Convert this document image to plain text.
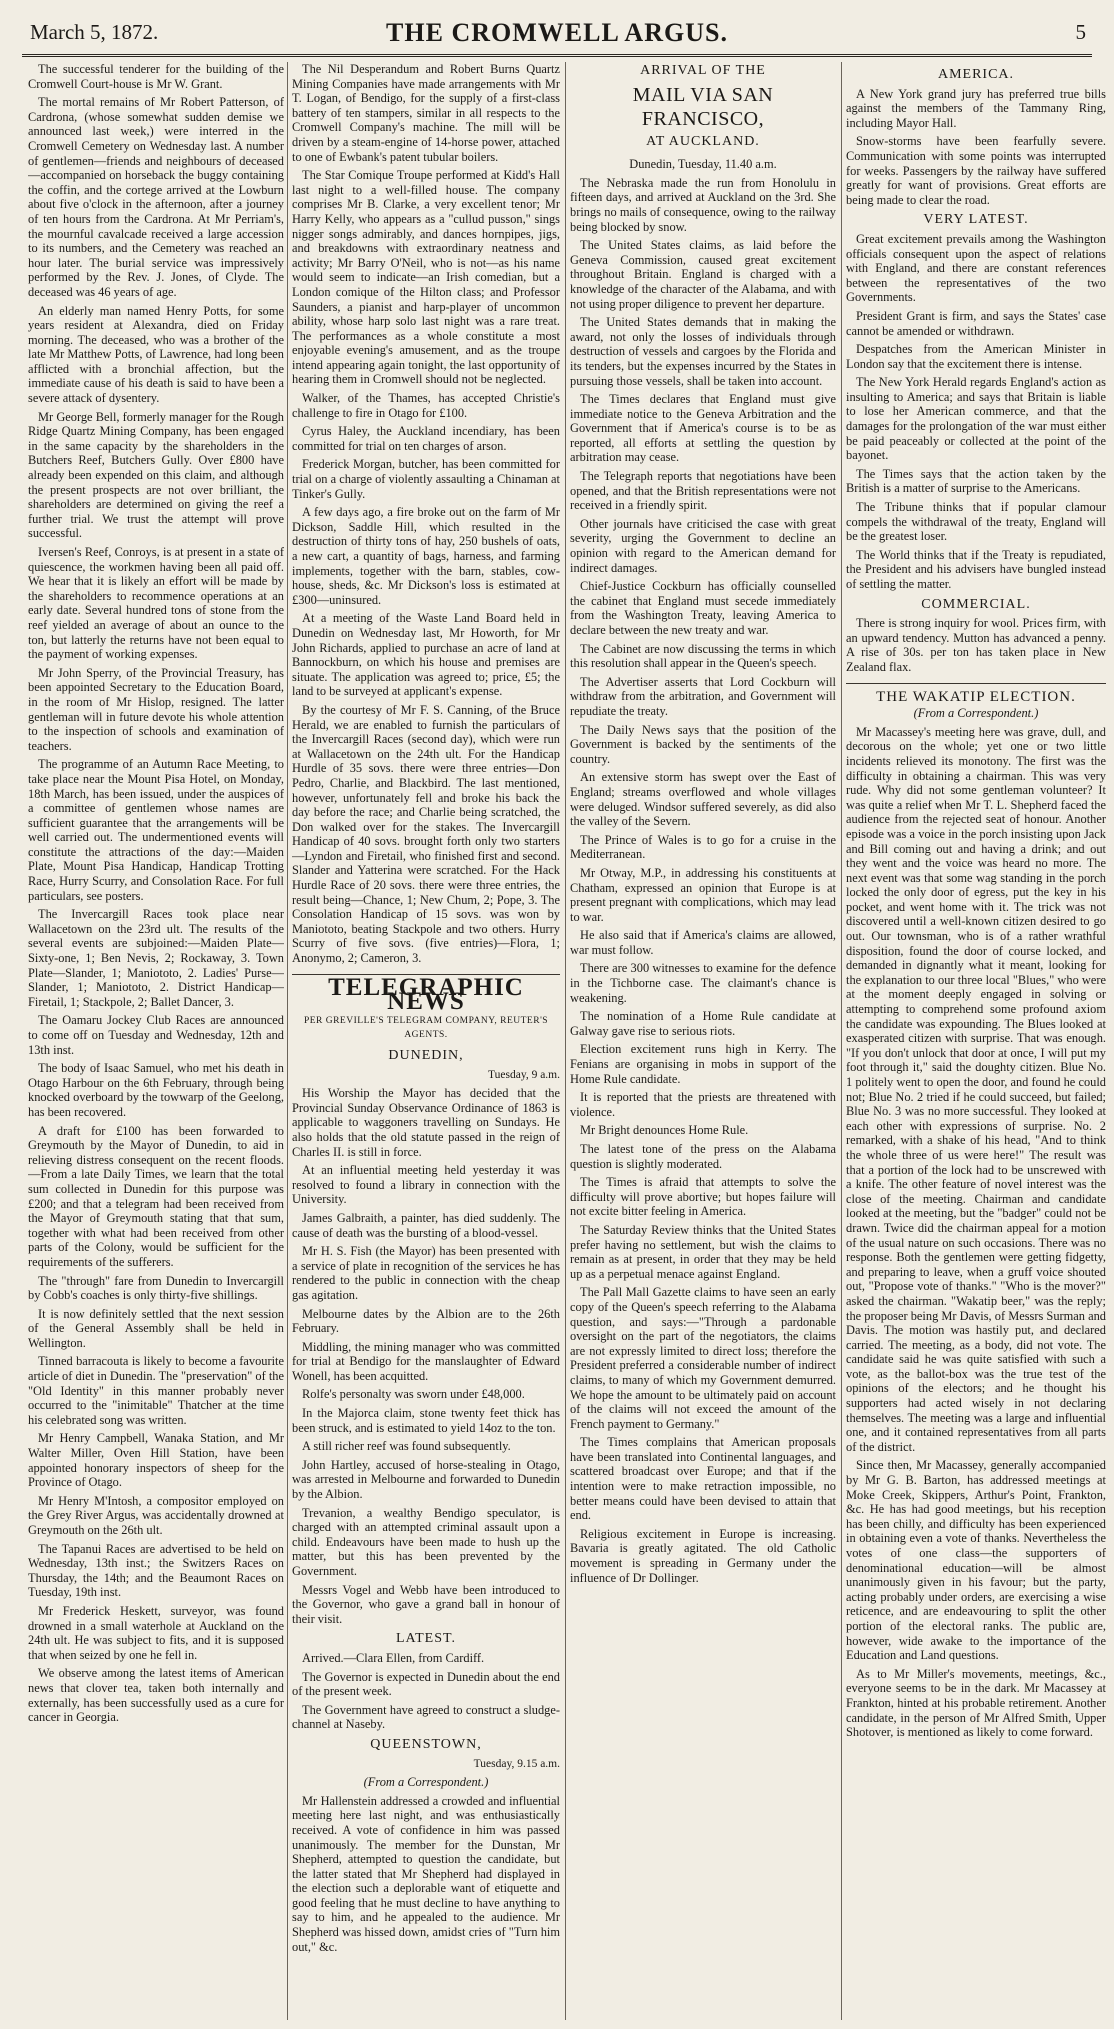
March 5, 1872.	THE CROMWELL ARGUS.	5

The successful tenderer for the building of the Cromwell Court-house is Mr W. Grant.

The mortal remains of Mr Robert Patterson, of Cardrona, (whose somewhat sudden demise we announced last week,) were interred in the Cromwell Cemetery on Wednesday last. A number of gentlemen—friends and neighbours of deceased—accompanied on horseback the buggy containing the coffin, and the cortege arrived at the Lowburn about five o'clock in the afternoon, after a journey of ten hours from the Cardrona. At Mr Perriam's, the mournful cavalcade received a large accession to its numbers, and the Cemetery was reached an hour later. The burial service was impressively performed by the Rev. J. Jones, of Clyde. The deceased was 46 years of age.

An elderly man named Henry Potts, for some years resident at Alexandra, died on Friday morning. The deceased, who was a brother of the late Mr Matthew Potts, of Lawrence, had long been afflicted with a bronchial affection, but the immediate cause of his death is said to have been a severe attack of dysentery.

Mr George Bell, formerly manager for the Rough Ridge Quartz Mining Company, has been engaged in the same capacity by the shareholders in the Butchers Reef, Butchers Gully. Over £800 have already been expended on this claim, and although the present prospects are not over brilliant, the shareholders are determined on giving the reef a further trial. We trust the attempt will prove successful.

Iversen's Reef, Conroys, is at present in a state of quiescence, the workmen having been all paid off. We hear that it is likely an effort will be made by the shareholders to recommence operations at an early date. Several hundred tons of stone from the reef yielded an average of about an ounce to the ton, but latterly the returns have not been equal to the payment of working expenses.

Mr John Sperry, of the Provincial Treasury, has been appointed Secretary to the Education Board, in the room of Mr Hislop, resigned. The latter gentleman will in future devote his whole attention to the inspection of schools and examination of teachers.

The programme of an Autumn Race Meeting, to take place near the Mount Pisa Hotel, on Monday, 18th March, has been issued, under the auspices of a committee of gentlemen whose names are sufficient guarantee that the arrangements will be well carried out. The undermentioned events will constitute the attractions of the day:—Maiden Plate, Mount Pisa Handicap, Handicap Trotting Race, Hurry Scurry, and Consolation Race. For full particulars, see posters.

The Invercargill Races took place near Wallacetown on the 23rd ult. The results of the several events are subjoined:—Maiden Plate—Sixty-one, 1; Ben Nevis, 2; Rockaway, 3. Town Plate—Slander, 1; Maniototo, 2. Ladies' Purse—Slander, 1; Maniototo, 2. District Handicap—Firetail, 1; Stackpole, 2; Ballet Dancer, 3.

The Oamaru Jockey Club Races are announced to come off on Tuesday and Wednesday, 12th and 13th inst.

The body of Isaac Samuel, who met his death in Otago Harbour on the 6th February, through being knocked overboard by the towwarp of the Geelong, has been recovered.

A draft for £100 has been forwarded to Greymouth by the Mayor of Dunedin, to aid in relieving distress consequent on the recent floods. —From a late Daily Times, we learn that the total sum collected in Dunedin for this purpose was £200; and that a telegram had been received from the Mayor of Greymouth stating that that sum, together with what had been received from other parts of the Colony, would be sufficient for the requirements of the sufferers.

The "through" fare from Dunedin to Invercargill by Cobb's coaches is only thirty-five shillings.

It is now definitely settled that the next session of the General Assembly shall be held in Wellington.

Tinned barracouta is likely to become a favourite article of diet in Dunedin. The "preservation" of the "Old Identity" in this manner probably never occurred to the "inimitable" Thatcher at the time his celebrated song was written.

Mr Henry Campbell, Wanaka Station, and Mr Walter Miller, Oven Hill Station, have been appointed honorary inspectors of sheep for the Province of Otago.

Mr Henry M'Intosh, a compositor employed on the Grey River Argus, was accidentally drowned at Greymouth on the 26th ult.

The Tapanui Races are advertised to be held on Wednesday, 13th inst.; the Switzers Races on Thursday, the 14th; and the Beaumont Races on Tuesday, 19th inst.

Mr Frederick Heskett, surveyor, was found drowned in a small waterhole at Auckland on the 24th ult. He was subject to fits, and it is supposed that when seized by one he fell in.

We observe among the latest items of American news that clover tea, taken both internally and externally, has been successfully used as a cure for cancer in Georgia.

The Nil Desperandum and Robert Burns Quartz Mining Companies have made arrangements with Mr T. Logan, of Bendigo, for the supply of a first-class battery of ten stampers, similar in all respects to the Cromwell Company's machine. The mill will be driven by a steam-engine of 14-horse power, attached to one of Ewbank's patent tubular boilers.

The Star Comique Troupe performed at Kidd's Hall last night to a well-filled house. The company comprises Mr B. Clarke, a very excellent tenor; Mr Harry Kelly, who appears as a "cullud pusson," sings nigger songs admirably, and dances hornpipes, jigs, and breakdowns with extraordinary neatness and activity; Mr Barry O'Neil, who is not—as his name would seem to indicate—an Irish comedian, but a London comique of the Hilton class; and Professor Saunders, a pianist and harp-player of uncommon ability, whose harp solo last night was a rare treat. The performances as a whole constitute a most enjoyable evening's amusement, and as the troupe intend appearing again tonight, the last opportunity of hearing them in Cromwell should not be neglected.

Walker, of the Thames, has accepted Christie's challenge to fire in Otago for £100.

Cyrus Haley, the Auckland incendiary, has been committed for trial on ten charges of arson.

Frederick Morgan, butcher, has been committed for trial on a charge of violently assaulting a Chinaman at Tinker's Gully.

A few days ago, a fire broke out on the farm of Mr Dickson, Saddle Hill, which resulted in the destruction of thirty tons of hay, 250 bushels of oats, a new cart, a quantity of bags, harness, and farming implements, together with the barn, stables, cow-house, sheds, &c. Mr Dickson's loss is estimated at £300—uninsured.

At a meeting of the Waste Land Board held in Dunedin on Wednesday last, Mr Howorth, for Mr John Richards, applied to purchase an acre of land at Bannockburn, on which his house and premises are situate. The application was agreed to; price, £5; the land to be surveyed at applicant's expense.

By the courtesy of Mr F. S. Canning, of the Bruce Herald, we are enabled to furnish the particulars of the Invercargill Races (second day), which were run at Wallacetown on the 24th ult. For the Handicap Hurdle of 35 sovs. there were three entries—Don Pedro, Charlie, and Blackbird. The last mentioned, however, unfortunately fell and broke his back the day before the race; and Charlie being scratched, the Don walked over for the stakes. The Invercargill Handicap of 40 sovs. brought forth only two starters—Lyndon and Firetail, who finished first and second. Slander and Yatterina were scratched. For the Hack Hurdle Race of 20 sovs. there were three entries, the result being—Chance, 1; New Chum, 2; Pope, 3. The Consolation Handicap of 15 sovs. was won by Maniototo, beating Stackpole and two others. Hurry Scurry of five sovs. (five entries)—Flora, 1; Anonymo, 2; Cameron, 3.

TELEGRAPHIC NEWS
PER GREVILLE'S TELEGRAM COMPANY, REUTER'S AGENTS.
DUNEDIN,
Tuesday, 9 a.m.

His Worship the Mayor has decided that the Provincial Sunday Observance Ordinance of 1863 is applicable to waggoners travelling on Sundays. He also holds that the old statute passed in the reign of Charles II. is still in force.

At an influential meeting held yesterday it was resolved to found a library in connection with the University.

James Galbraith, a painter, has died suddenly. The cause of death was the bursting of a blood-vessel.

Mr H. S. Fish (the Mayor) has been presented with a service of plate in recognition of the services he has rendered to the public in connection with the cheap gas agitation.

Melbourne dates by the Albion are to the 26th February.

Middling, the mining manager who was committed for trial at Bendigo for the manslaughter of Edward Wonell, has been acquitted.

Rolfe's personalty was sworn under £48,000.

In the Majorca claim, stone twenty feet thick has been struck, and is estimated to yield 14oz to the ton.

A still richer reef was found subsequently.

John Hartley, accused of horse-stealing in Otago, was arrested in Melbourne and forwarded to Dunedin by the Albion.

Trevanion, a wealthy Bendigo speculator, is charged with an attempted criminal assault upon a child. Endeavours have been made to hush up the matter, but this has been prevented by the Government.

Messrs Vogel and Webb have been introduced to the Governor, who gave a grand ball in honour of their visit.

LATEST.

Arrived.—Clara Ellen, from Cardiff.

The Governor is expected in Dunedin about the end of the present week.

The Government have agreed to construct a sludge-channel at Naseby.

QUEENSTOWN,
Tuesday, 9.15 a.m.
(From a Correspondent.)

Mr Hallenstein addressed a crowded and influential meeting here last night, and was enthusiastically received. A vote of confidence in him was passed unanimously. The member for the Dunstan, Mr Shepherd, attempted to question the candidate, but the latter stated that Mr Shepherd had displayed in the election such a deplorable want of etiquette and good feeling that he must decline to have anything to say to him, and he appealed to the audience. Mr Shepherd was hissed down, amidst cries of "Turn him out," &c.

ARRIVAL OF THE
MAIL VIA SAN FRANCISCO,
AT AUCKLAND.
Dunedin, Tuesday, 11.40 a.m.

The Nebraska made the run from Honolulu in fifteen days, and arrived at Auckland on the 3rd. She brings no mails of consequence, owing to the railway being blocked by snow.

The United States claims, as laid before the Geneva Commission, caused great excitement throughout Britain. England is charged with a knowledge of the character of the Alabama, and with not using proper diligence to prevent her departure.

The United States demands that in making the award, not only the losses of individuals through destruction of vessels and cargoes by the Florida and its tenders, but the expenses incurred by the States in pursuing those vessels, shall be taken into account.

The Times declares that England must give immediate notice to the Geneva Arbitration and the Government that if America's course is to be as reported, all efforts at settling the question by arbitration may cease.

The Telegraph reports that negotiations have been opened, and that the British representations were not received in a friendly spirit.

Other journals have criticised the case with great severity, urging the Government to decline an opinion with regard to the American demand for indirect damages.

Chief-Justice Cockburn has officially counselled the cabinet that England must secede immediately from the Washington Treaty, leaving America to declare between the new treaty and war.

The Cabinet are now discussing the terms in which this resolution shall appear in the Queen's speech.

The Advertiser asserts that Lord Cockburn will withdraw from the arbitration, and Government will repudiate the treaty.

The Daily News says that the position of the Government is backed by the sentiments of the country.

An extensive storm has swept over the East of England; streams overflowed and whole villages were deluged. Windsor suffered severely, as did also the valley of the Severn.

The Prince of Wales is to go for a cruise in the Mediterranean.

Mr Otway, M.P., in addressing his constituents at Chatham, expressed an opinion that Europe is at present pregnant with complications, which may lead to war.

He also said that if America's claims are allowed, war must follow.

There are 300 witnesses to examine for the defence in the Tichborne case. The claimant's chance is weakening.

The nomination of a Home Rule candidate at Galway gave rise to serious riots.

Election excitement runs high in Kerry. The Fenians are organising in mobs in support of the Home Rule candidate.

It is reported that the priests are threatened with violence.

Mr Bright denounces Home Rule.

The latest tone of the press on the Alabama question is slightly moderated.

The Times is afraid that attempts to solve the difficulty will prove abortive; but hopes failure will not excite bitter feeling in America.

The Saturday Review thinks that the United States prefer having no settlement, but wish the claims to remain as at present, in order that they may be held up as a perpetual menace against England.

The Pall Mall Gazette claims to have seen an early copy of the Queen's speech referring to the Alabama question, and says:—"Through a pardonable oversight on the part of the negotiators, the claims are not expressly limited to direct loss; therefore the President preferred a considerable number of indirect claims, to many of which my Government demurred. We hope the amount to be ultimately paid on account of the claims will not exceed the amount of the French payment to Germany."

The Times complains that American proposals have been translated into Continental languages, and scattered broadcast over Europe; and that if the intention were to make retraction impossible, no better means could have been devised to attain that end.

Religious excitement in Europe is increasing. Bavaria is greatly agitated. The old Catholic movement is spreading in Germany under the influence of Dr Dollinger.

AMERICA.

A New York grand jury has preferred true bills against the members of the Tammany Ring, including Mayor Hall.

Snow-storms have been fearfully severe. Communication with some points was interrupted for weeks. Passengers by the railway have suffered greatly for want of provisions. Great efforts are being made to clear the road.

VERY LATEST.

Great excitement prevails among the Washington officials consequent upon the aspect of relations with England, and there are constant references between the representatives of the two Governments.

President Grant is firm, and says the States' case cannot be amended or withdrawn.

Despatches from the American Minister in London say that the excitement there is intense.

The New York Herald regards England's action as insulting to America; and says that Britain is liable to lose her American commerce, and that the damages for the prolongation of the war must either be paid peaceably or collected at the point of the bayonet.

The Times says that the action taken by the British is a matter of surprise to the Americans.

The Tribune thinks that if popular clamour compels the withdrawal of the treaty, England will be the greatest loser.

The World thinks that if the Treaty is repudiated, the President and his advisers have bungled instead of settling the matter.

COMMERCIAL.

There is strong inquiry for wool. Prices firm, with an upward tendency. Mutton has advanced a penny. A rise of 30s. per ton has taken place in New Zealand flax.

THE WAKATIP ELECTION.
(From a Correspondent.)

Mr Macassey's meeting here was grave, dull, and decorous on the whole; yet one or two little incidents relieved its monotony. The first was the difficulty in obtaining a chairman. This was very rude. Why did not some gentleman volunteer? It was quite a relief when Mr T. L. Shepherd faced the audience from the rejected seat of honour. Another episode was a voice in the porch insisting upon Jack and Bill coming out and having a drink; and out they went and the voice was heard no more. The next event was that some wag standing in the porch locked the only door of egress, put the key in his pocket, and went home with it. The trick was not discovered until a well-known citizen desired to go out. Our townsman, who is of a rather wrathful disposition, found the door of course locked, and demanded in dignantly what it meant, looking for the explanation to our three local "Blues," who were at the moment deeply engaged in solving or attempting to comprehend some profound axiom the candidate was expounding. The Blues looked at exasperated citizen with surprise. That was enough. "If you don't unlock that door at once, I will put my foot through it," said the doughty citizen. Blue No. 1 politely went to open the door, and found he could not; Blue No. 2 tried if he could succeed, but failed; Blue No. 3 was no more successful. They looked at each other with expressions of surprise. No. 2 remarked, with a shake of his head, "And to think the whole three of us were here!" The result was that a portion of the lock had to be unscrewed with a knife. The other feature of novel interest was the close of the meeting. Chairman and candidate looked at the meeting, but the "badger" could not be drawn. Twice did the chairman appeal for a motion of the usual nature on such occasions. There was no response. Both the gentlemen were getting fidgetty, and preparing to leave, when a gruff voice shouted out, "Propose vote of thanks." "Who is the mover?" asked the chairman. "Wakatip beer," was the reply; the proposer being Mr Davis, of Messrs Surman and Davis. The motion was hastily put, and declared carried. The meeting, as a body, did not vote. The candidate said he was quite satisfied with such a vote, as the ballot-box was the true test of the opinions of the electors; and he thought his supporters had acted wisely in not declaring themselves. The meeting was a large and influential one, and it contained representatives from all parts of the district.

Since then, Mr Macassey, generally accompanied by Mr G. B. Barton, has addressed meetings at Moke Creek, Skippers, Arthur's Point, Frankton, &c. He has had good meetings, but his reception has been chilly, and difficulty has been experienced in obtaining even a vote of thanks. Nevertheless the votes of one class—the supporters of denominational education—will be almost unanimously given in his favour; but the party, acting probably under orders, are exercising a wise reticence, and are endeavouring to split the other portion of the electoral ranks. The public are, however, wide awake to the importance of the Education and Land questions.

As to Mr Miller's movements, meetings, &c., everyone seems to be in the dark. Mr Macassey at Frankton, hinted at his probable retirement. Another candidate, in the person of Mr Alfred Smith, Upper Shotover, is mentioned as likely to come forward.
